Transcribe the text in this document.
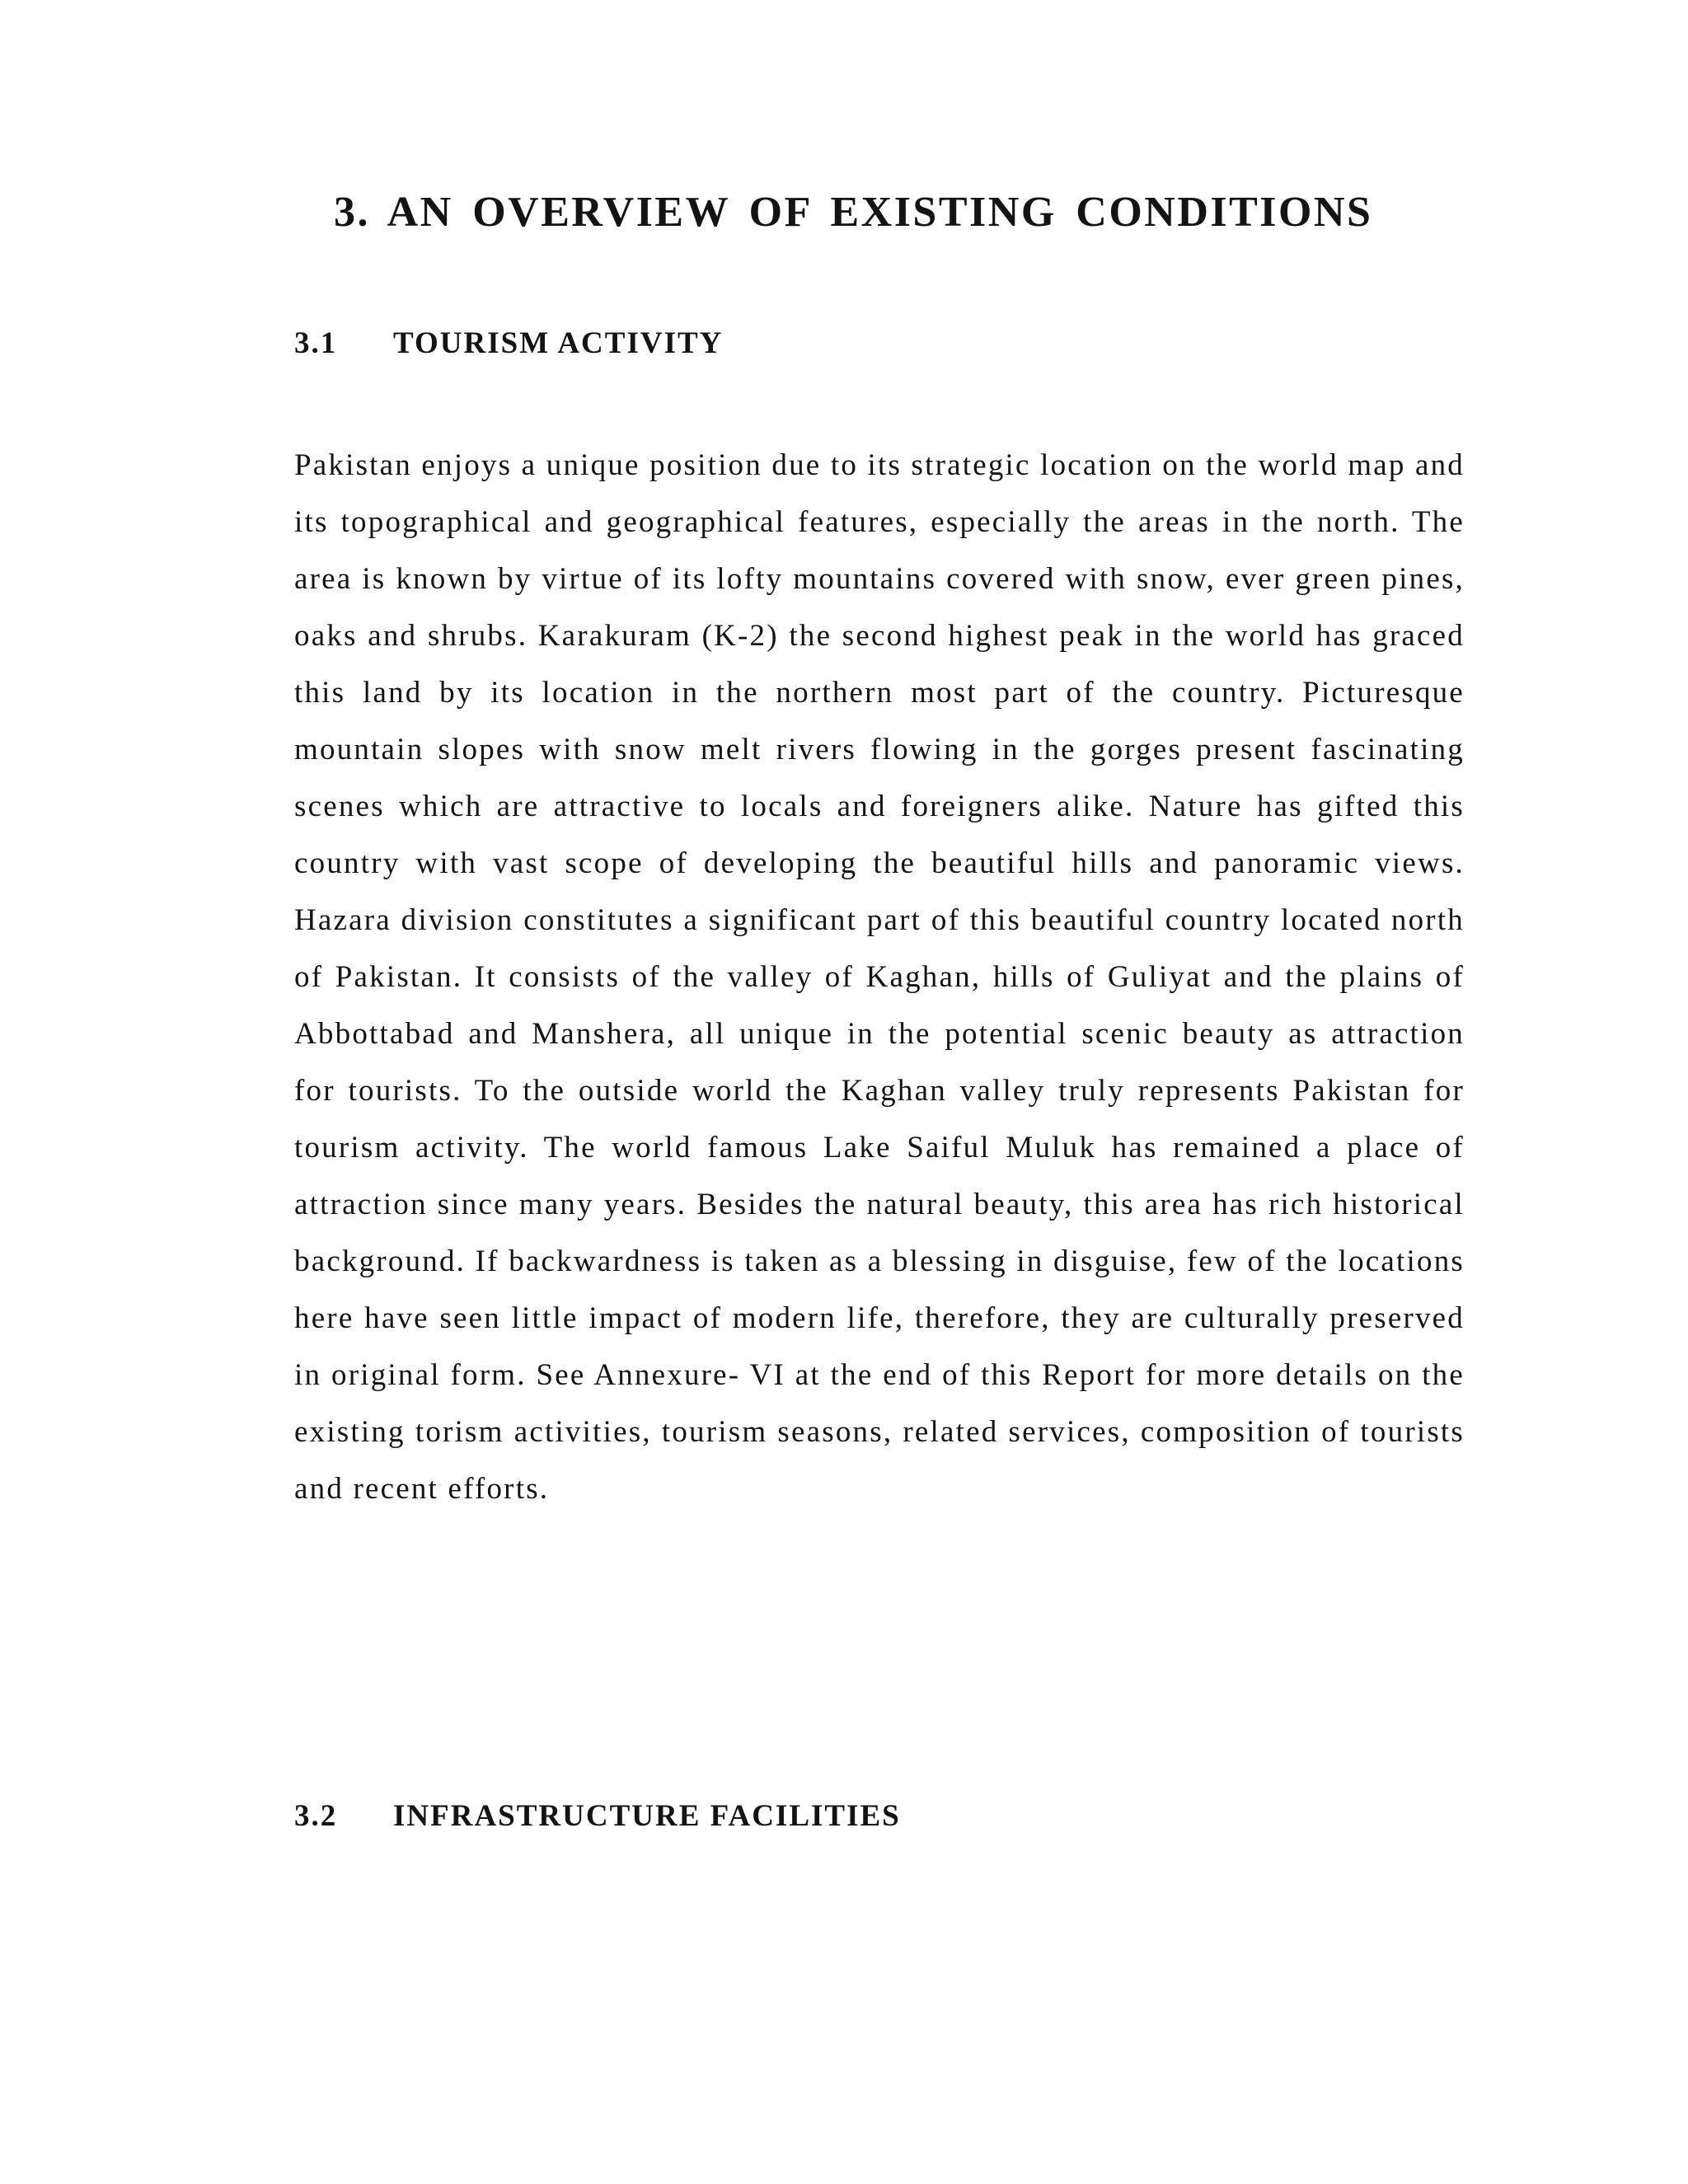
3. AN OVERVIEW OF EXISTING CONDITIONS
3.1 TOURISM ACTIVITY

Pakistan enjoys a unique position due to its strategic location on the world map and its topographical and geographical features, especially the areas in the north. The area is known by virtue of its lofty mountains covered with snow, ever green pines, oaks and shrubs. Karakuram (K-2) the second highest peak in the world has graced this land by its location in the northern most part of the country. Picturesque mountain slopes with snow melt rivers flowing in the gorges present fascinating scenes which are attractive to locals and foreigners alike. Nature has gifted this country with vast scope of developing the beautiful hills and panoramic views. Hazara division constitutes a significant part of this beautiful country located north of Pakistan. It consists of the valley of Kaghan, hills of Guliyat and the plains of Abbottabad and Manshera, all unique in the potential scenic beauty as attraction for tourists. To the outside world the Kaghan valley truly represents Pakistan for tourism activity. The world famous Lake Saiful Muluk has remained a place of attraction since many years. Besides the natural beauty, this area has rich historical background. If backwardness is taken as a blessing in disguise, few of the locations here have seen little impact of modern life, therefore, they are culturally preserved in original form. See Annexure- VI at the end of this Report for more details on the existing torism activities, tourism seasons, related services, composition of tourists and recent efforts.

3.2 INFRASTRUCTURE FACILITIES
